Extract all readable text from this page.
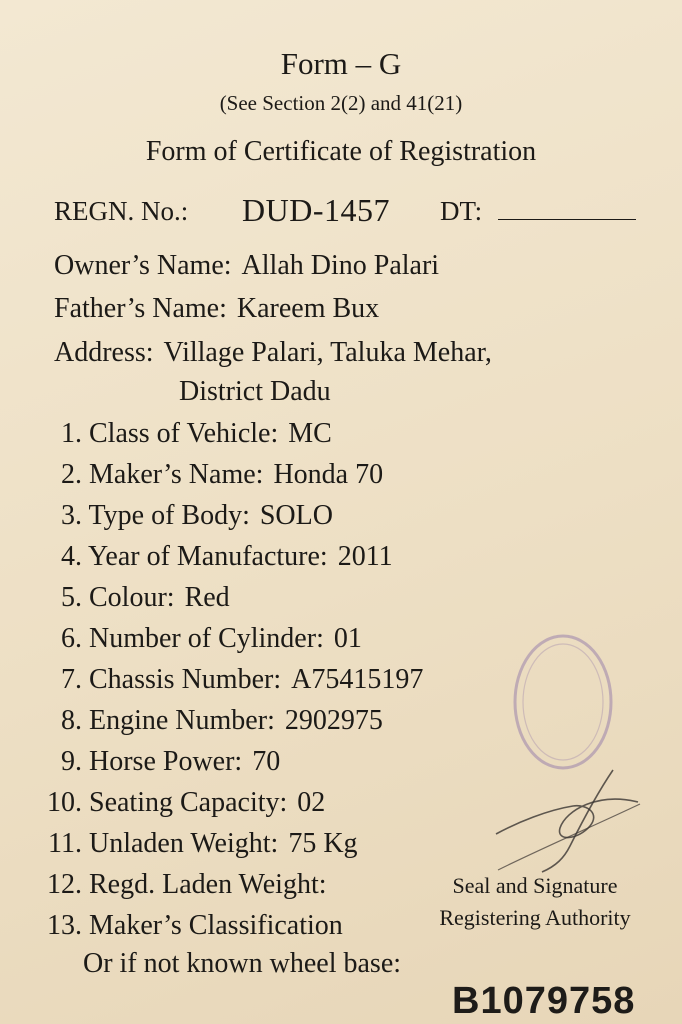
Form – G
(See Section 2(2) and 41(21)
Form of Certificate of Registration
REGN. No.: DUD-1457 DT:
Owner’s Name: Allah Dino Palari
Father’s Name: Kareem Bux
Address: Village Palari, Taluka Mehar,
District Dadu
1. Class of Vehicle: MC
2. Maker’s Name: Honda 70
3. Type of Body: SOLO
4. Year of Manufacture: 2011
5. Colour: Red
6. Number of Cylinder: 01
7. Chassis Number: A75415197
8. Engine Number: 2902975
9. Horse Power: 70
10. Seating Capacity: 02
11. Unladen Weight: 75 Kg
12. Regd. Laden Weight:
13. Maker’s Classification
Or if not known wheel base:
Seal and Signature
Registering Authority
B1079758
